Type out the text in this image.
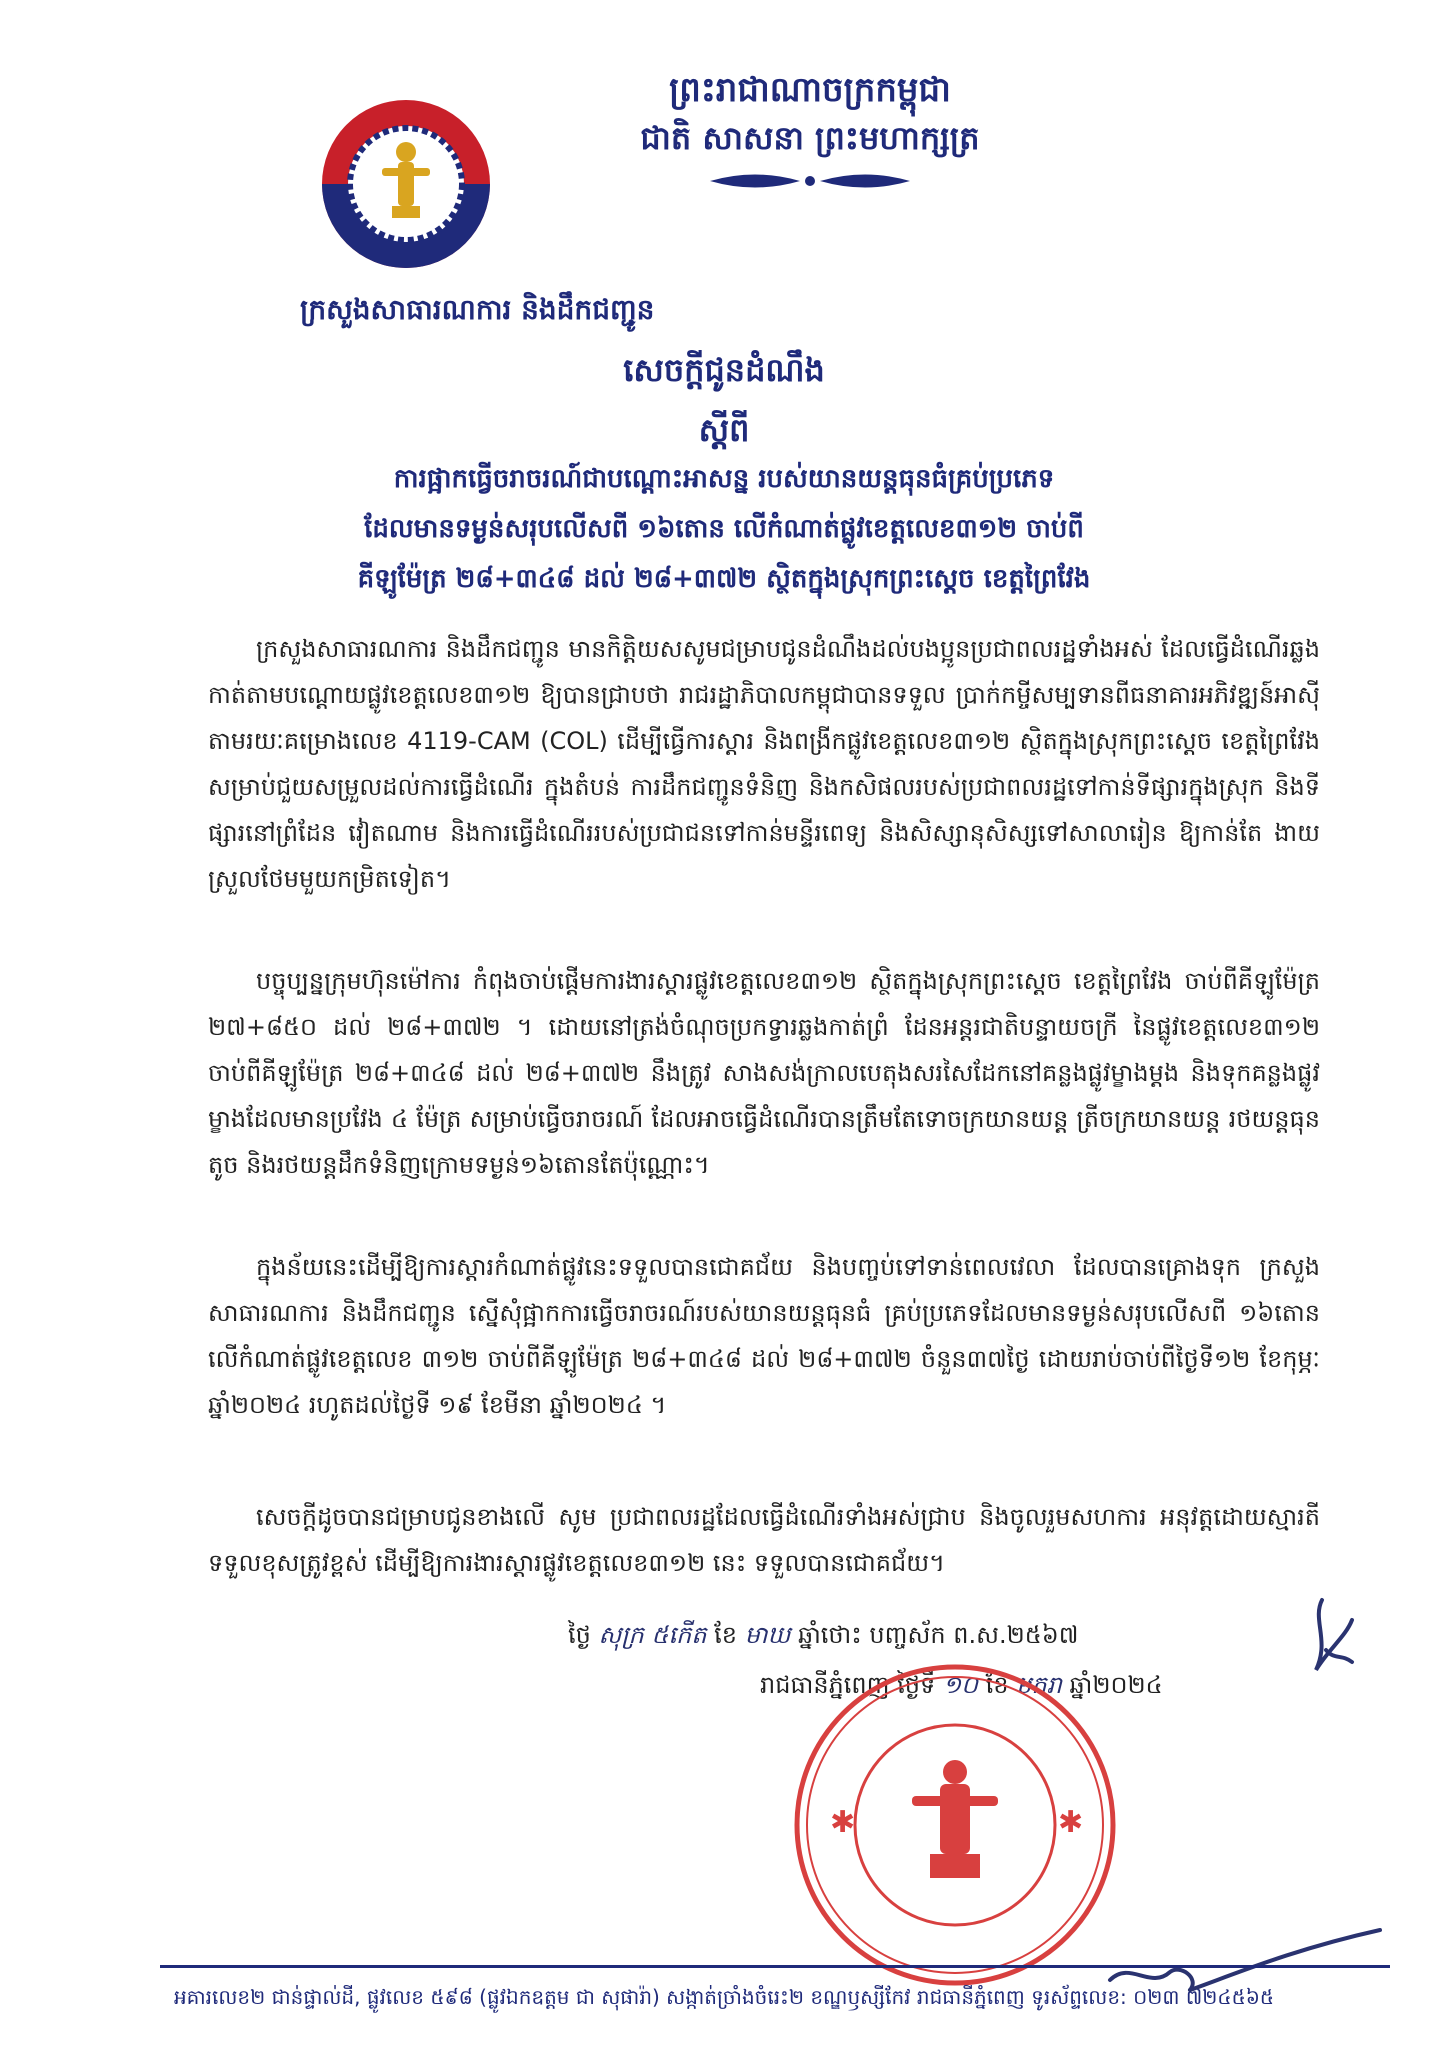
ព្រះរាជាណាចក្រកម្ពុជា
ជាតិ សាសនា ព្រះមហាក្សត្រ
ក្រសួងសាធារណការ និងដឹកជញ្ជូន
សេចក្តីជូនដំណឹង
ស្តីពី
ការផ្អាកធ្វើចរាចរណ៍ជាបណ្តោះអាសន្ន របស់យានយន្តធុនធំគ្រប់ប្រភេទ
ដែលមានទម្ងន់សរុបលើសពី ១៦តោន លើកំណាត់ផ្លូវខេត្តលេខ៣១២ ចាប់ពី
គីឡូម៉ែត្រ ២៨+៣៤៨ ដល់ ២៨+៣៧២ ស្ថិតក្នុងស្រុកព្រះស្តេច ខេត្តព្រៃវែង

ក្រសួងសាធារណការ និងដឹកជញ្ជូន មានកិត្តិយសសូមជម្រាបជូនដំណឹងដល់បងប្អូនប្រជាពលរដ្ឋទាំងអស់ ដែលធ្វើដំណើរឆ្លងកាត់តាមបណ្តោយផ្លូវខេត្តលេខ៣១២ ឱ្យបានជ្រាបថា រាជរដ្ឋាភិបាលកម្ពុជាបានទទួល ប្រាក់កម្ចីសម្បទានពីធនាគារអភិវឌ្ឍន៍អាស៊ី តាមរយៈគម្រោងលេខ 4119-CAM (COL) ដើម្បីធ្វើការស្តារ និងពង្រីកផ្លូវខេត្តលេខ៣១២ ស្ថិតក្នុងស្រុកព្រះស្តេច ខេត្តព្រៃវែង សម្រាប់ជួយសម្រួលដល់ការធ្វើដំណើរ ក្នុងតំបន់ ការដឹកជញ្ជូនទំនិញ និងកសិផលរបស់ប្រជាពលរដ្ឋទៅកាន់ទីផ្សារក្នុងស្រុក និងទីផ្សារនៅព្រំដែន វៀតណាម និងការធ្វើដំណើររបស់ប្រជាជនទៅកាន់មន្ទីរពេទ្យ និងសិស្សានុសិស្សទៅសាលារៀន ឱ្យកាន់តែ ងាយស្រួលថែមមួយកម្រិតទៀត។

បច្ចុប្បន្នក្រុមហ៊ុនម៉ៅការ កំពុងចាប់ផ្តើមការងារស្តារផ្លូវខេត្តលេខ៣១២ ស្ថិតក្នុងស្រុកព្រះស្តេច ខេត្តព្រៃវែង ចាប់ពីគីឡូម៉ែត្រ ២៧+៨៥០ ដល់ ២៨+៣៧២ ។ ដោយនៅត្រង់ចំណុចប្រកទ្វារឆ្លងកាត់ព្រំ ដែនអន្តរជាតិបន្ទាយចក្រី នៃផ្លូវខេត្តលេខ៣១២ ចាប់ពីគីឡូម៉ែត្រ ២៨+៣៤៨ ដល់ ២៨+៣៧២ នឹងត្រូវ សាងសង់ក្រាលបេតុងសរសៃដែកនៅគន្លងផ្លូវម្ខាងម្តង និងទុកគន្លងផ្លូវម្ខាងដែលមានប្រវែង ៤ ម៉ែត្រ សម្រាប់ធ្វើចរាចរណ៍ ដែលអាចធ្វើដំណើរបានត្រឹមតែទោចក្រយានយន្ត ត្រីចក្រយានយន្ត រថយន្តធុនតូច និងរថយន្តដឹកទំនិញក្រោមទម្ងន់១៦តោនតែប៉ុណ្ណោះ។

ក្នុងន័យនេះដើម្បីឱ្យការស្តារកំណាត់ផ្លូវនេះទទួលបានជោគជ័យ និងបញ្ចប់ទៅទាន់ពេលវេលា ដែលបានគ្រោងទុក ក្រសួងសាធារណការ និងដឹកជញ្ជូន ស្នើសុំផ្អាកការធ្វើចរាចរណ៍របស់យានយន្តធុនធំ គ្រប់ប្រភេទដែលមានទម្ងន់សរុបលើសពី ១៦តោន លើកំណាត់ផ្លូវខេត្តលេខ ៣១២ ចាប់ពីគីឡូម៉ែត្រ ២៨+៣៤៨ ដល់ ២៨+៣៧២ ចំនួន៣៧ថ្ងៃ ដោយរាប់ចាប់ពីថ្ងៃទី១២ ខែកុម្ភៈ ឆ្នាំ២០២៤ រហូតដល់ថ្ងៃទី ១៩ ខែមីនា ឆ្នាំ២០២៤ ។

សេចក្តីដូចបានជម្រាបជូនខាងលើ សូម ប្រជាពលរដ្ឋដែលធ្វើដំណើរទាំងអស់ជ្រាប និងចូលរួមសហការ អនុវត្តដោយស្មារតីទទួលខុសត្រូវខ្ពស់ ដើម្បីឱ្យការងារស្តារផ្លូវខេត្តលេខ៣១២ នេះ ទទួលបានជោគជ័យ។

ថ្ងៃ សុក្រ ៥កើត ខែ មាឃ ឆ្នាំថោះ បញ្ចស័ក ព.ស.២៥៦៧
រាជធានីភ្នំពេញ ថ្ងៃទី ១០ ខែ មករា ឆ្នាំ២០២៤
✱	✱
អគារលេខ២ ជាន់ផ្ទាល់ដី, ផ្លូវលេខ ៥៩៨ (ផ្លូវឯកឧត្តម ជា សុផារ៉ា) សង្កាត់ច្រាំងចំរេះ២ ខណ្ឌឫស្សីកែវ រាជធានីភ្នំពេញ ទូរស័ព្ទលេខ: ០២៣ ៧២៤៥៦៥
